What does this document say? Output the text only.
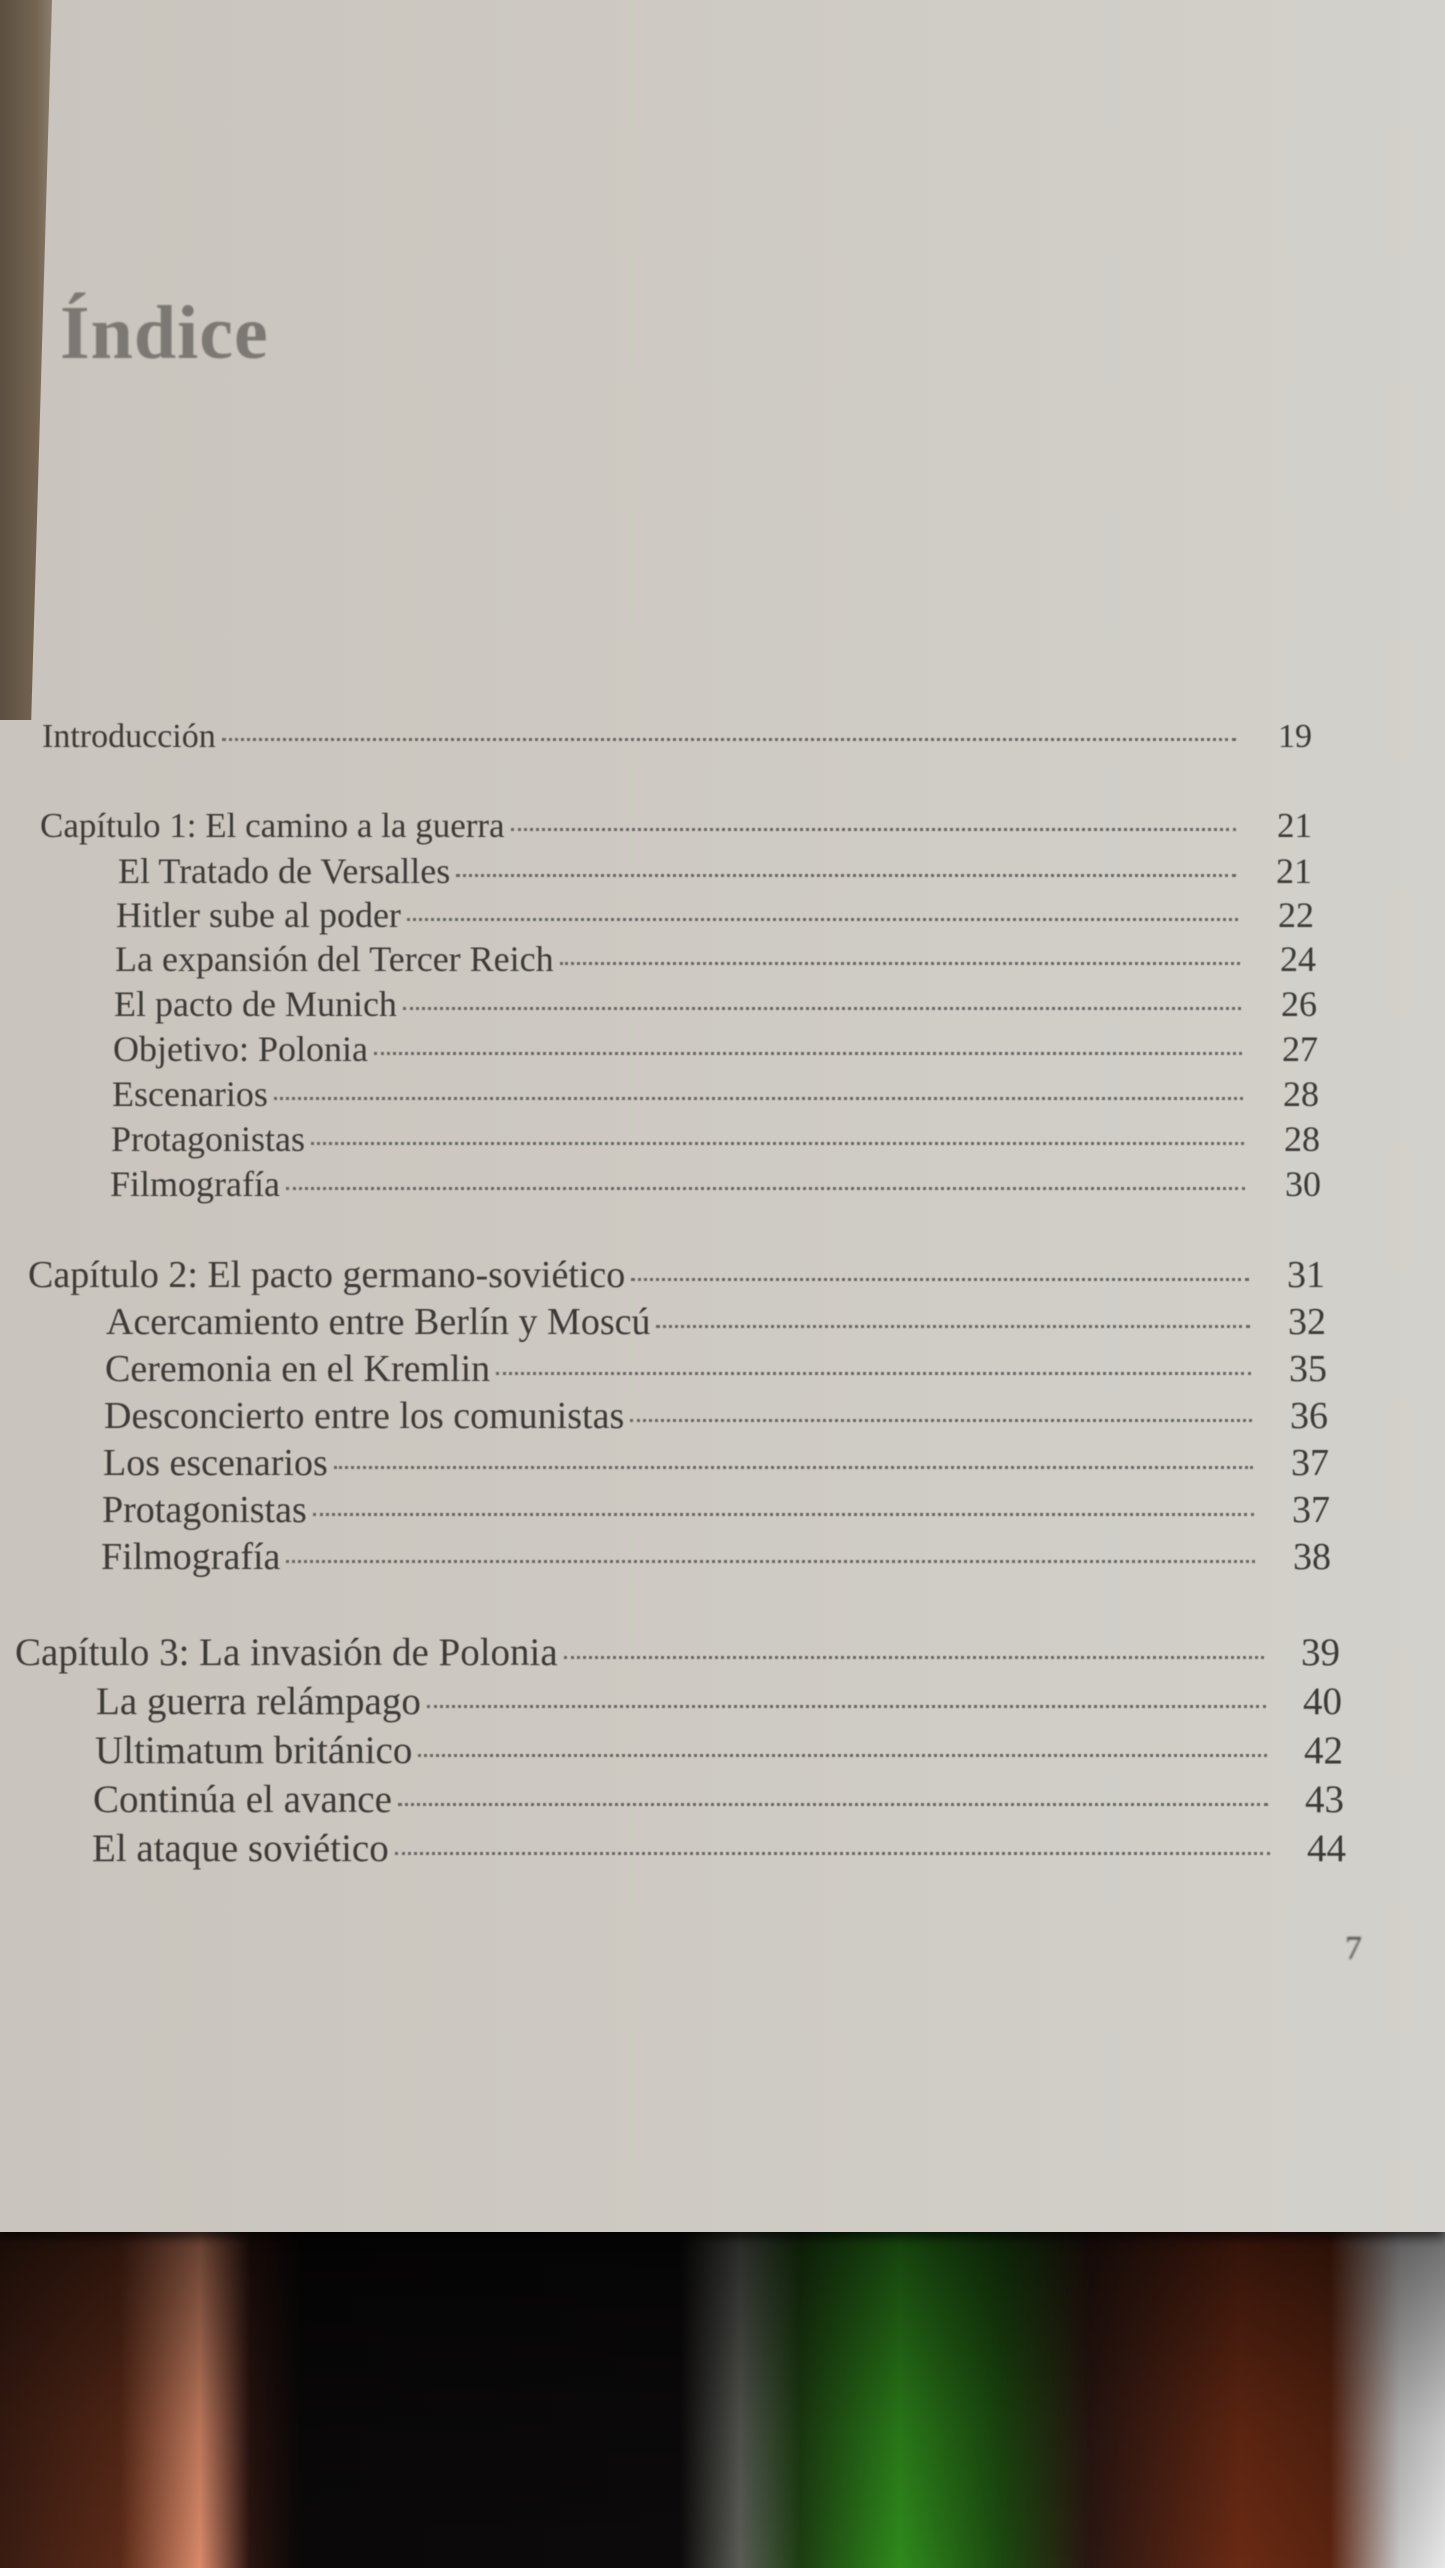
Índice
Introducción	19
Capítulo 1: El camino a la guerra	21
El Tratado de Versalles	21
Hitler sube al poder	22
La expansión del Tercer Reich	24
El pacto de Munich	26
Objetivo: Polonia	27
Escenarios	28
Protagonistas	28
Filmografía	30
Capítulo 2: El pacto germano-soviético	31
Acercamiento entre Berlín y Moscú	32
Ceremonia en el Kremlin	35
Desconcierto entre los comunistas	36
Los escenarios	37
Protagonistas	37
Filmografía	38
Capítulo 3: La invasión de Polonia	39
La guerra relámpago	40
Ultimatum británico	42
Continúa el avance	43
El ataque soviético	44
7
